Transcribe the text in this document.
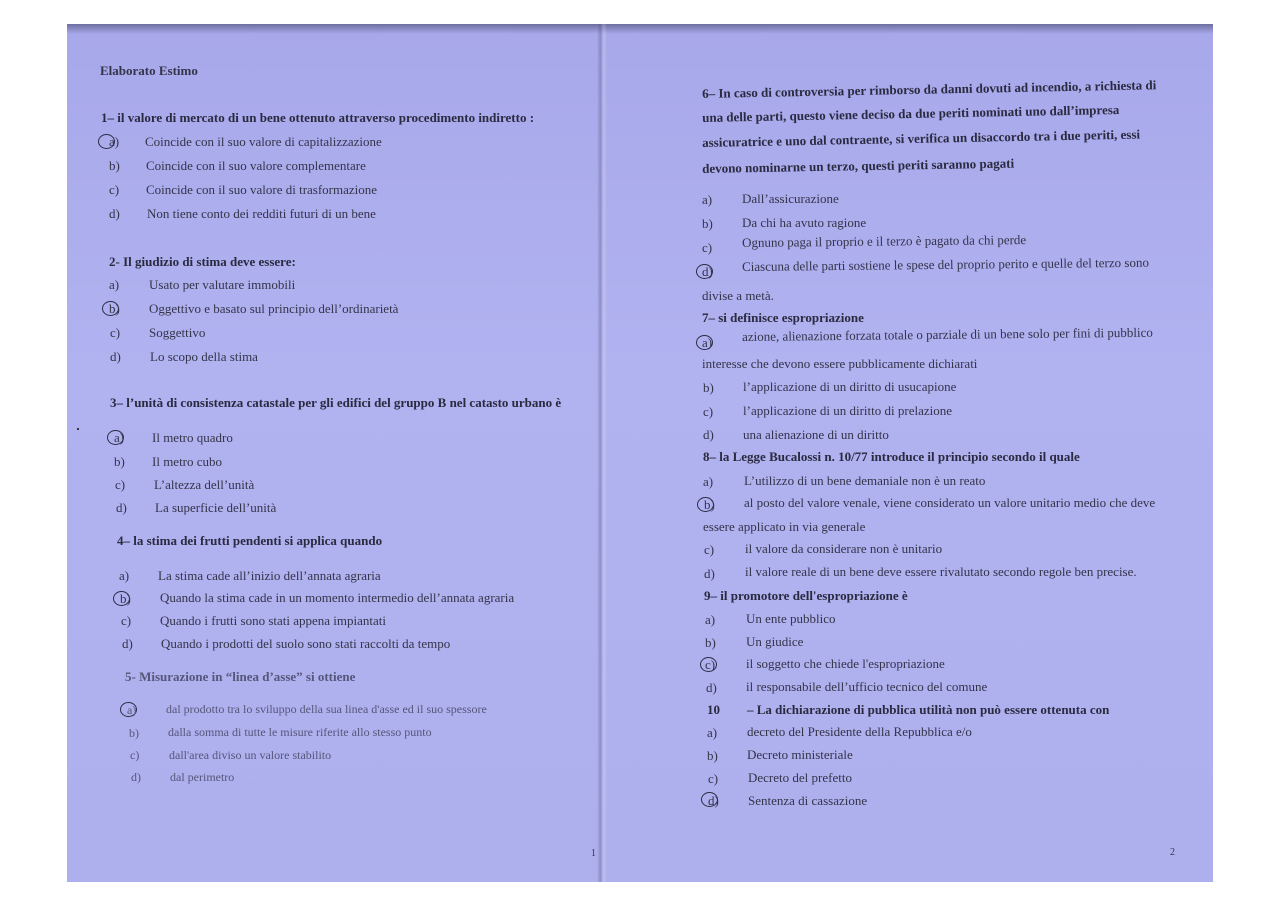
Elaborato Estimo
1– il valore di mercato di un bene ottenuto attraverso procedimento indiretto :
a) Coincide con il suo valore di capitalizzazione
b) Coincide con il suo valore complementare
c) Coincide con il suo valore di trasformazione
d) Non tiene conto dei redditi futuri di un bene
2- Il giudizio di stima deve essere:
a) Usato per valutare immobili
b) Oggettivo e basato sul principio dell’ordinarietà
c) Soggettivo
d) Lo scopo della stima
3– l’unità di consistenza catastale per gli edifici del gruppo B nel catasto urbano è
a) Il metro quadro
b) Il metro cubo
c) L’altezza dell’unità
d) La superficie dell’unità
4– la stima dei frutti pendenti si applica quando
a) La stima cade all’inizio dell’annata agraria
b) Quando la stima cade in un momento intermedio dell’annata agraria
c) Quando i frutti sono stati appena impiantati
d) Quando i prodotti del suolo sono stati raccolti da tempo
5- Misurazione in “linea d’asse” si ottiene
a) dal prodotto tra lo sviluppo della sua linea d'asse ed il suo spessore
b) dalla somma di tutte le misure riferite allo stesso punto
c) dall'area diviso un valore stabilito
d) dal perimetro
1
6– In caso di controversia per rimborso da danni dovuti ad incendio, a richiesta di
una delle parti, questo viene deciso da due periti nominati uno dall’impresa
assicuratrice e uno dal contraente, si verifica un disaccordo tra i due periti, essi
devono nominarne un terzo, questi periti saranno pagati
a) Dall’assicurazione
b) Da chi ha avuto ragione
c) Ognuno paga il proprio e il terzo è pagato da chi perde
d) Ciascuna delle parti sostiene le spese del proprio perito e quelle del terzo sono
divise a metà.
7– si definisce espropriazione
a) azione, alienazione forzata totale o parziale di un bene solo per fini di pubblico
interesse che devono essere pubblicamente dichiarati
b) l’applicazione di un diritto di usucapione
c) l’applicazione di un diritto di prelazione
d) una alienazione di un diritto
8– la Legge Bucalossi n. 10/77 introduce il principio secondo il quale
a) L’utilizzo di un bene demaniale non è un reato
b) al posto del valore venale, viene considerato un valore unitario medio che deve
essere applicato in via generale
c) il valore da considerare non è unitario
d) il valore reale di un bene deve essere rivalutato secondo regole ben precise.
9– il promotore dell'espropriazione è
a) Un ente pubblico
b) Un giudice
c) il soggetto che chiede l'espropriazione
d) il responsabile dell’ufficio tecnico del comune
10 – La dichiarazione di pubblica utilità non può essere ottenuta con
a) decreto del Presidente della Repubblica e/o
b) Decreto ministeriale
c) Decreto del prefetto
d) Sentenza di cassazione
2
